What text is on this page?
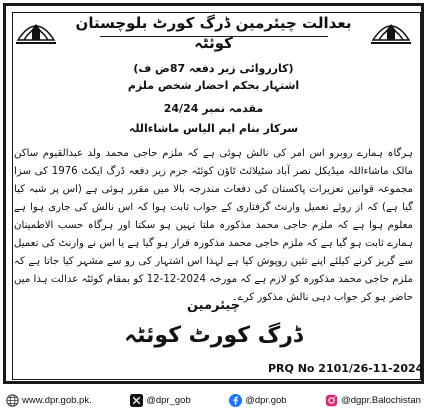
بعدالت چیئرمین ڈرگ کورٹ بلوچستان کوئٹہ
(کارروائی زیر دفعہ 87ض ف)
اشتہار بحکم احضار شخص ملزم
مقدمہ نمبر 24/24
سرکار بنام ایم الیاس ماشاءاللہ

ہرگاہ ہمارے روبرو اس امر کی نالش ہوئی ہے کہ ملزم حاجی محمد ولد عبدالقیوم ساکن مالک ماشاءاللہ میڈیکل نصر آباد سٹیلائٹ ٹاؤن کوئٹہ جرم زیر دفعہ ڈرگ ایکٹ 1976 کی سزا مجموعہ قوانین تعزیرات پاکستان کی دفعات مندرجہ بالا میں مقرر ہوئی ہے (اس پر شبہ کیا گیا ہے) کہ از روئے تعمیل وارنٹ گرفتاری کے جواب ثابت ہوا کہ اس نالش کی جاری ہوا ہے معلوم ہوا ہے کہ ملزم حاجی محمد مذکورہ ملتا نہیں ہو سکتا اور ہرگاہ حسب الاطمینان ہمارے ثابت ہو گیا ہے کہ ملزم حاجی محمد مذکورہ فرار ہو گیا ہے یا اس نے وارنٹ کی تعمیل سے گریز کرنے کیلئے اپنے تئیں روپوش کیا ہے لہذا اس اشتہار کی رو سے مشہر کیا جاتا ہے کہ ملزم حاجی محمد مذکورہ کو لازم ہے کہ مورخہ 2024-12-12 کو بمقام کوئٹہ عدالت ہذا میں حاضر ہو کر جواب دہی نالش مذکور کرے۔

چیئرمین
ڈرگ کورٹ کوئٹہ
PRQ No 2101/26-11-2024
www.dpr.gob.pk.	@dpr_gob	@dpr.gob	@dgpr.Balochistan
